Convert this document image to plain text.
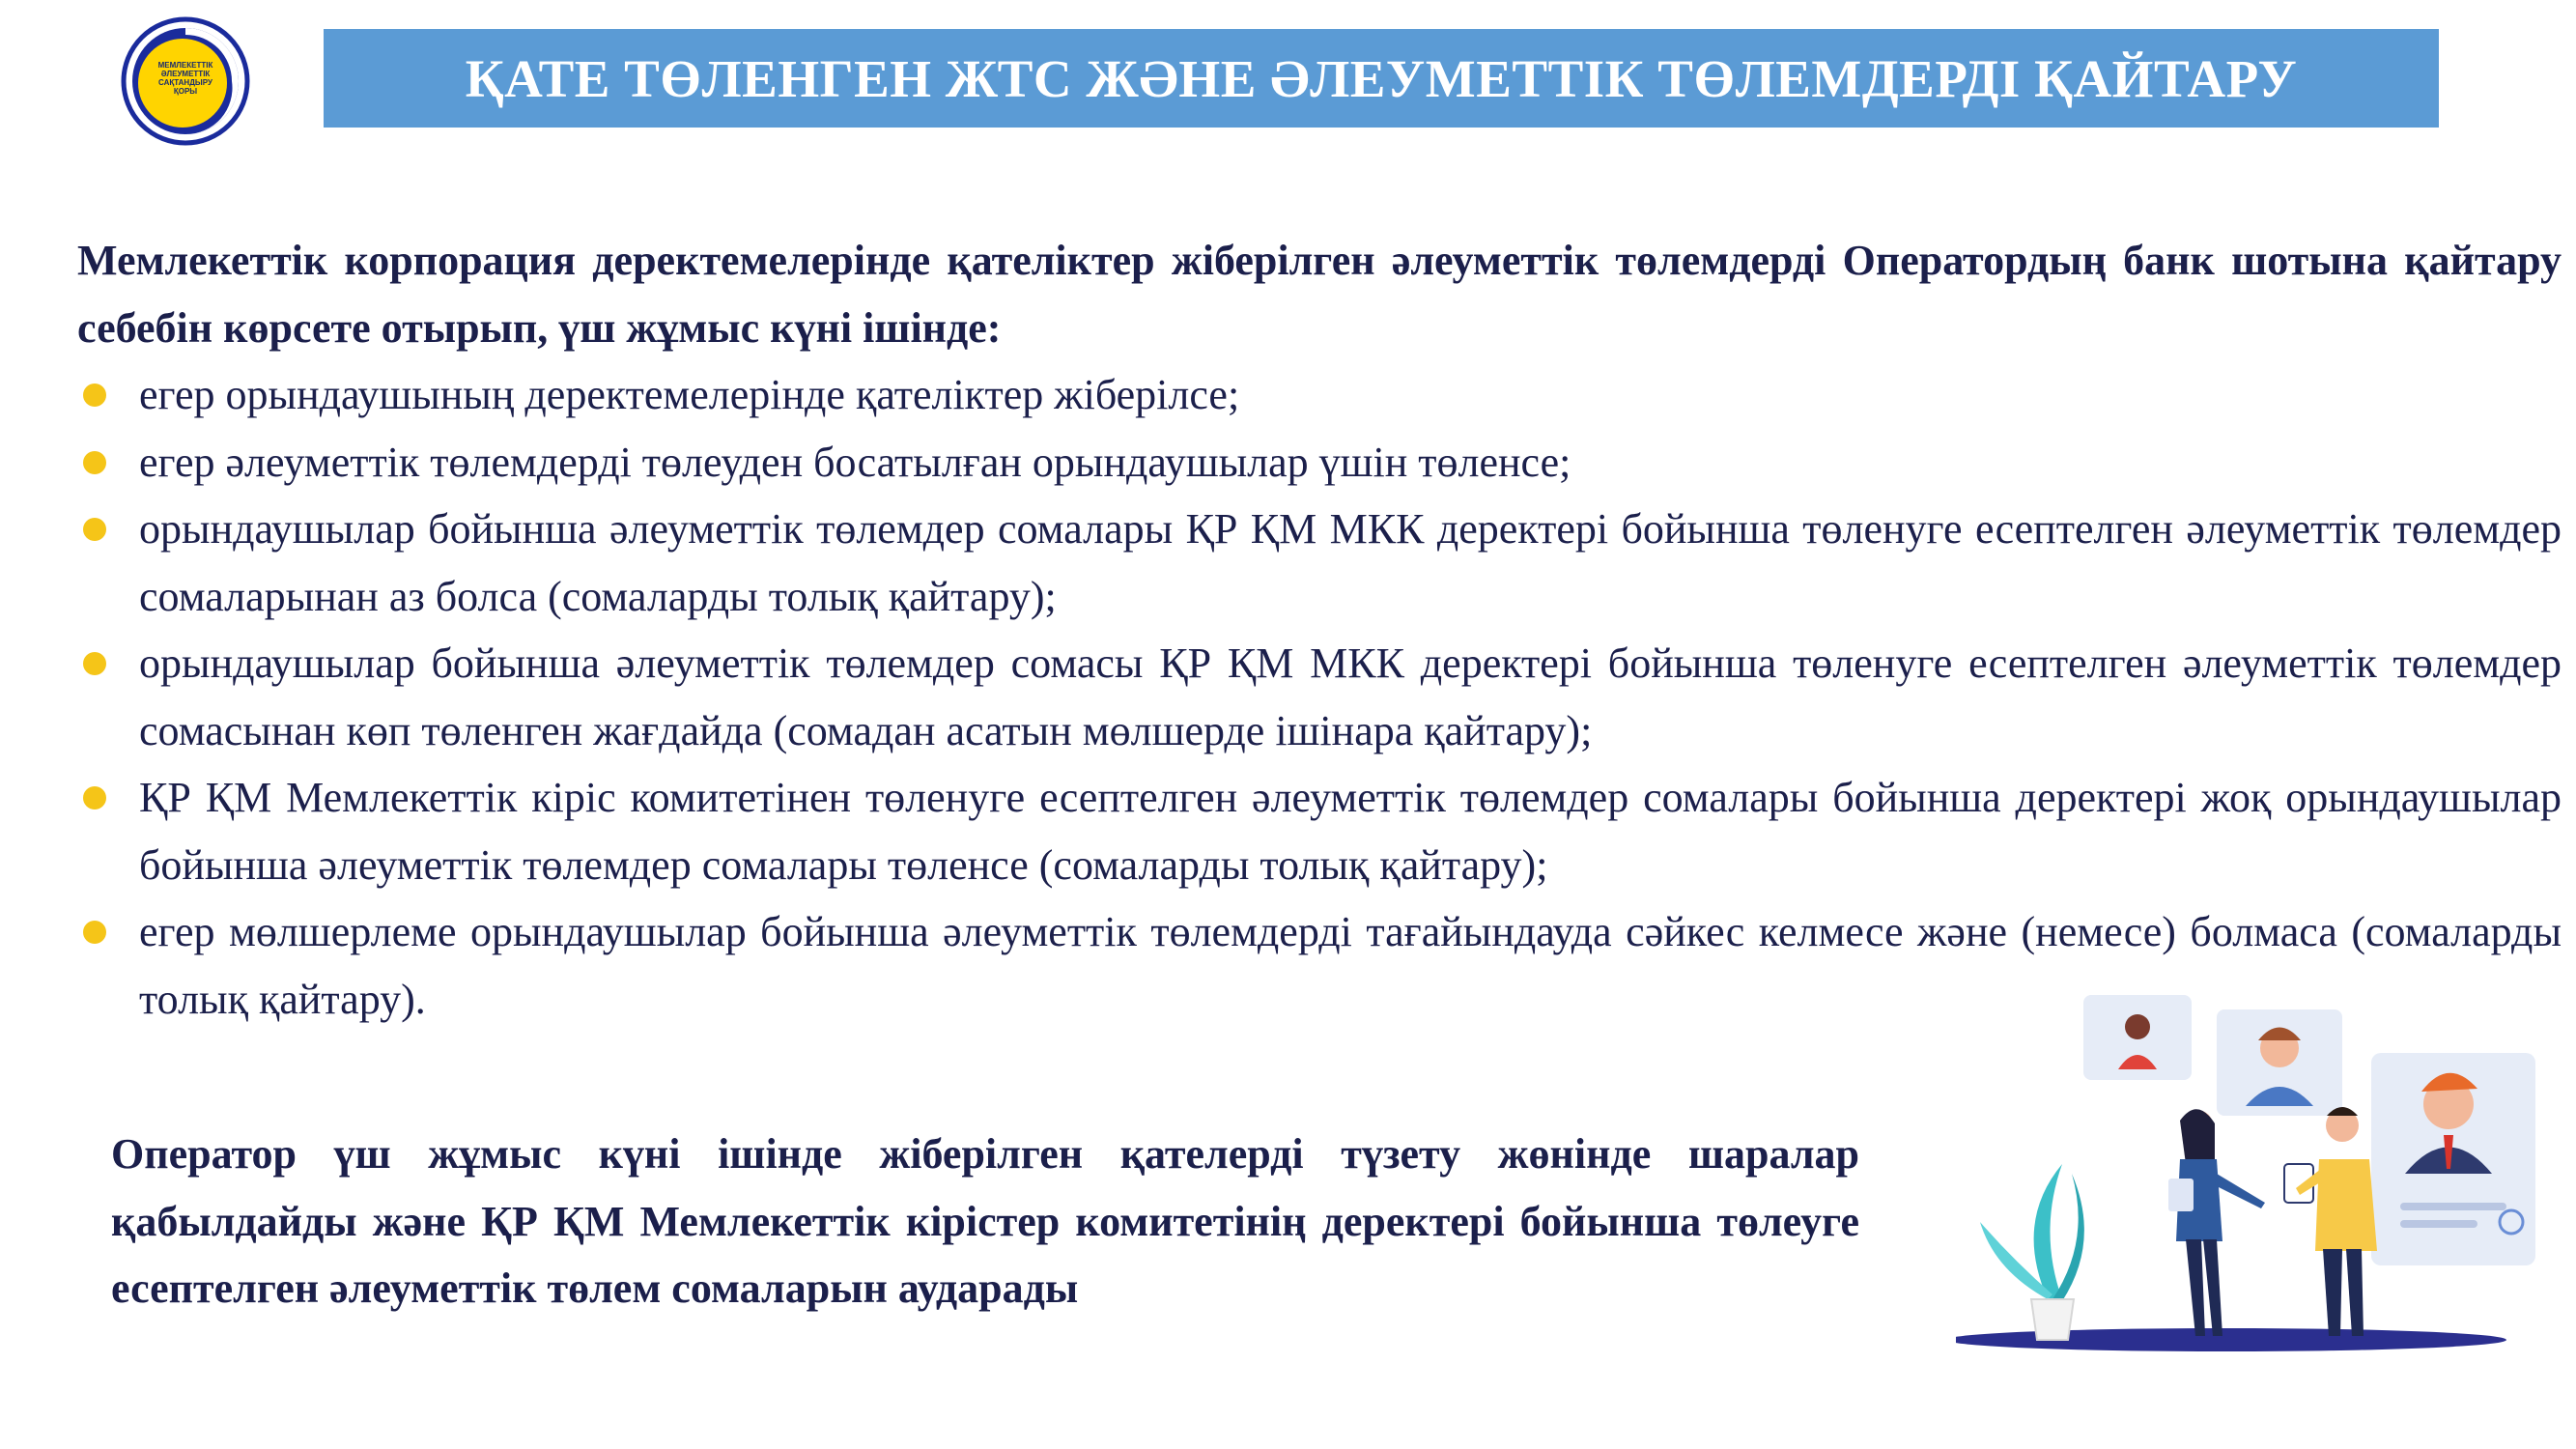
МЕМЛЕКЕТТІК
ӘЛЕУМЕТТІК
САҚТАНДЫРУ
ҚОРЫ	ҚАТЕ ТӨЛЕНГЕН ЖТС ЖӘНЕ ӘЛЕУМЕТТІК ТӨЛЕМДЕРДІ ҚАЙТАРУ

Мемлекеттік корпорация деректемелерінде қателіктер жіберілген әлеуметтік төлемдерді Оператордың банк шотына қайтару себебін көрсете отырып, үш жұмыс күні ішінде:

егер орындаушының деректемелерінде қателіктер жіберілсе;
егер әлеуметтік төлемдерді төлеуден босатылған орындаушылар үшін төленсе;
орындаушылар бойынша әлеуметтік төлемдер сомалары ҚР ҚМ МКК деректері бойынша төленуге есептелген әлеуметтік төлемдер сомаларынан аз болса (сомаларды толық қайтару);
орындаушылар бойынша әлеуметтік төлемдер сомасы ҚР ҚМ МКК деректері бойынша төленуге есептелген әлеуметтік төлемдер сомасынан көп төленген жағдайда (сомадан асатын мөлшерде ішінара қайтару);
ҚР ҚМ Мемлекеттік кіріс комитетінен төленуге есептелген әлеуметтік төлемдер сомалары бойынша деректері жоқ орындаушылар бойынша әлеуметтік төлемдер сомалары төленсе (сомаларды толық қайтару);
егер мөлшерлеме орындаушылар бойынша әлеуметтік төлемдерді тағайындауда сәйкес келмесе және (немесе) болмаса (сомаларды толық қайтару).

Оператор үш жұмыс күні ішінде жіберілген қателерді түзету жөнінде шаралар қабылдайды және ҚР ҚМ Мемлекеттік кірістер комитетінің деректері бойынша төлеуге есептелген әлеуметтік төлем сомаларын аударады
